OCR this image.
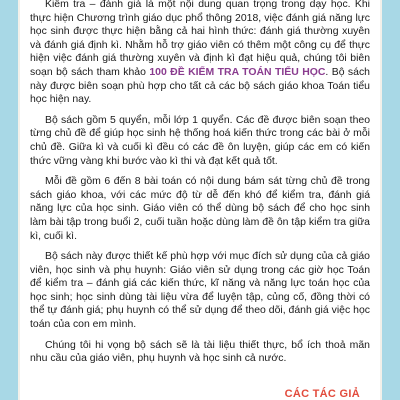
Kiểm tra – đánh giá là một nội dung quan trọng trong dạy học. Khi thực hiện Chương trình giáo dục phổ thông 2018, việc đánh giá năng lực học sinh được thực hiện bằng cả hai hình thức: đánh giá thường xuyên và đánh giá định kì. Nhằm hỗ trợ giáo viên có thêm một công cụ để thực hiện việc đánh giá thường xuyên và định kì đạt hiệu quả, chúng tôi biên soạn bộ sách tham khảo 100 ĐỀ KIỂM TRA TOÁN TIỂU HỌC. Bộ sách này được biên soạn phù hợp cho tất cả các bộ sách giáo khoa Toán tiểu học hiện nay.

Bộ sách gồm 5 quyển, mỗi lớp 1 quyển. Các đề được biên soạn theo từng chủ đề để giúp học sinh hệ thống hoá kiến thức trong các bài ở mỗi chủ đề. Giữa kì và cuối kì đều có các đề ôn luyện, giúp các em có kiến thức vững vàng khi bước vào kì thi và đạt kết quả tốt.

Mỗi đề gồm 6 đến 8 bài toán có nội dung bám sát từng chủ đề trong sách giáo khoa, với các mức độ từ dễ đến khó để kiểm tra, đánh giá năng lực của học sinh. Giáo viên có thể dùng bộ sách để cho học sinh làm bài tập trong buổi 2, cuối tuần hoặc dùng làm đề ôn tập kiểm tra giữa kì, cuối kì.

Bộ sách này được thiết kế phù hợp với mục đích sử dụng của cả giáo viên, học sinh và phụ huynh: Giáo viên sử dụng trong các giờ học Toán để kiểm tra – đánh giá các kiến thức, kĩ năng và năng lực toán học của học sinh; học sinh dùng tài liệu vừa để luyện tập, củng cố, đồng thời có thể tự đánh giá; phụ huynh có thể sử dụng để theo dõi, đánh giá việc học toán của con em mình.

Chúng tôi hi vọng bộ sách sẽ là tài liệu thiết thực, bổ ích thoả mãn nhu cầu của giáo viên, phụ huynh và học sinh cả nước.

CÁC TÁC GIẢ
